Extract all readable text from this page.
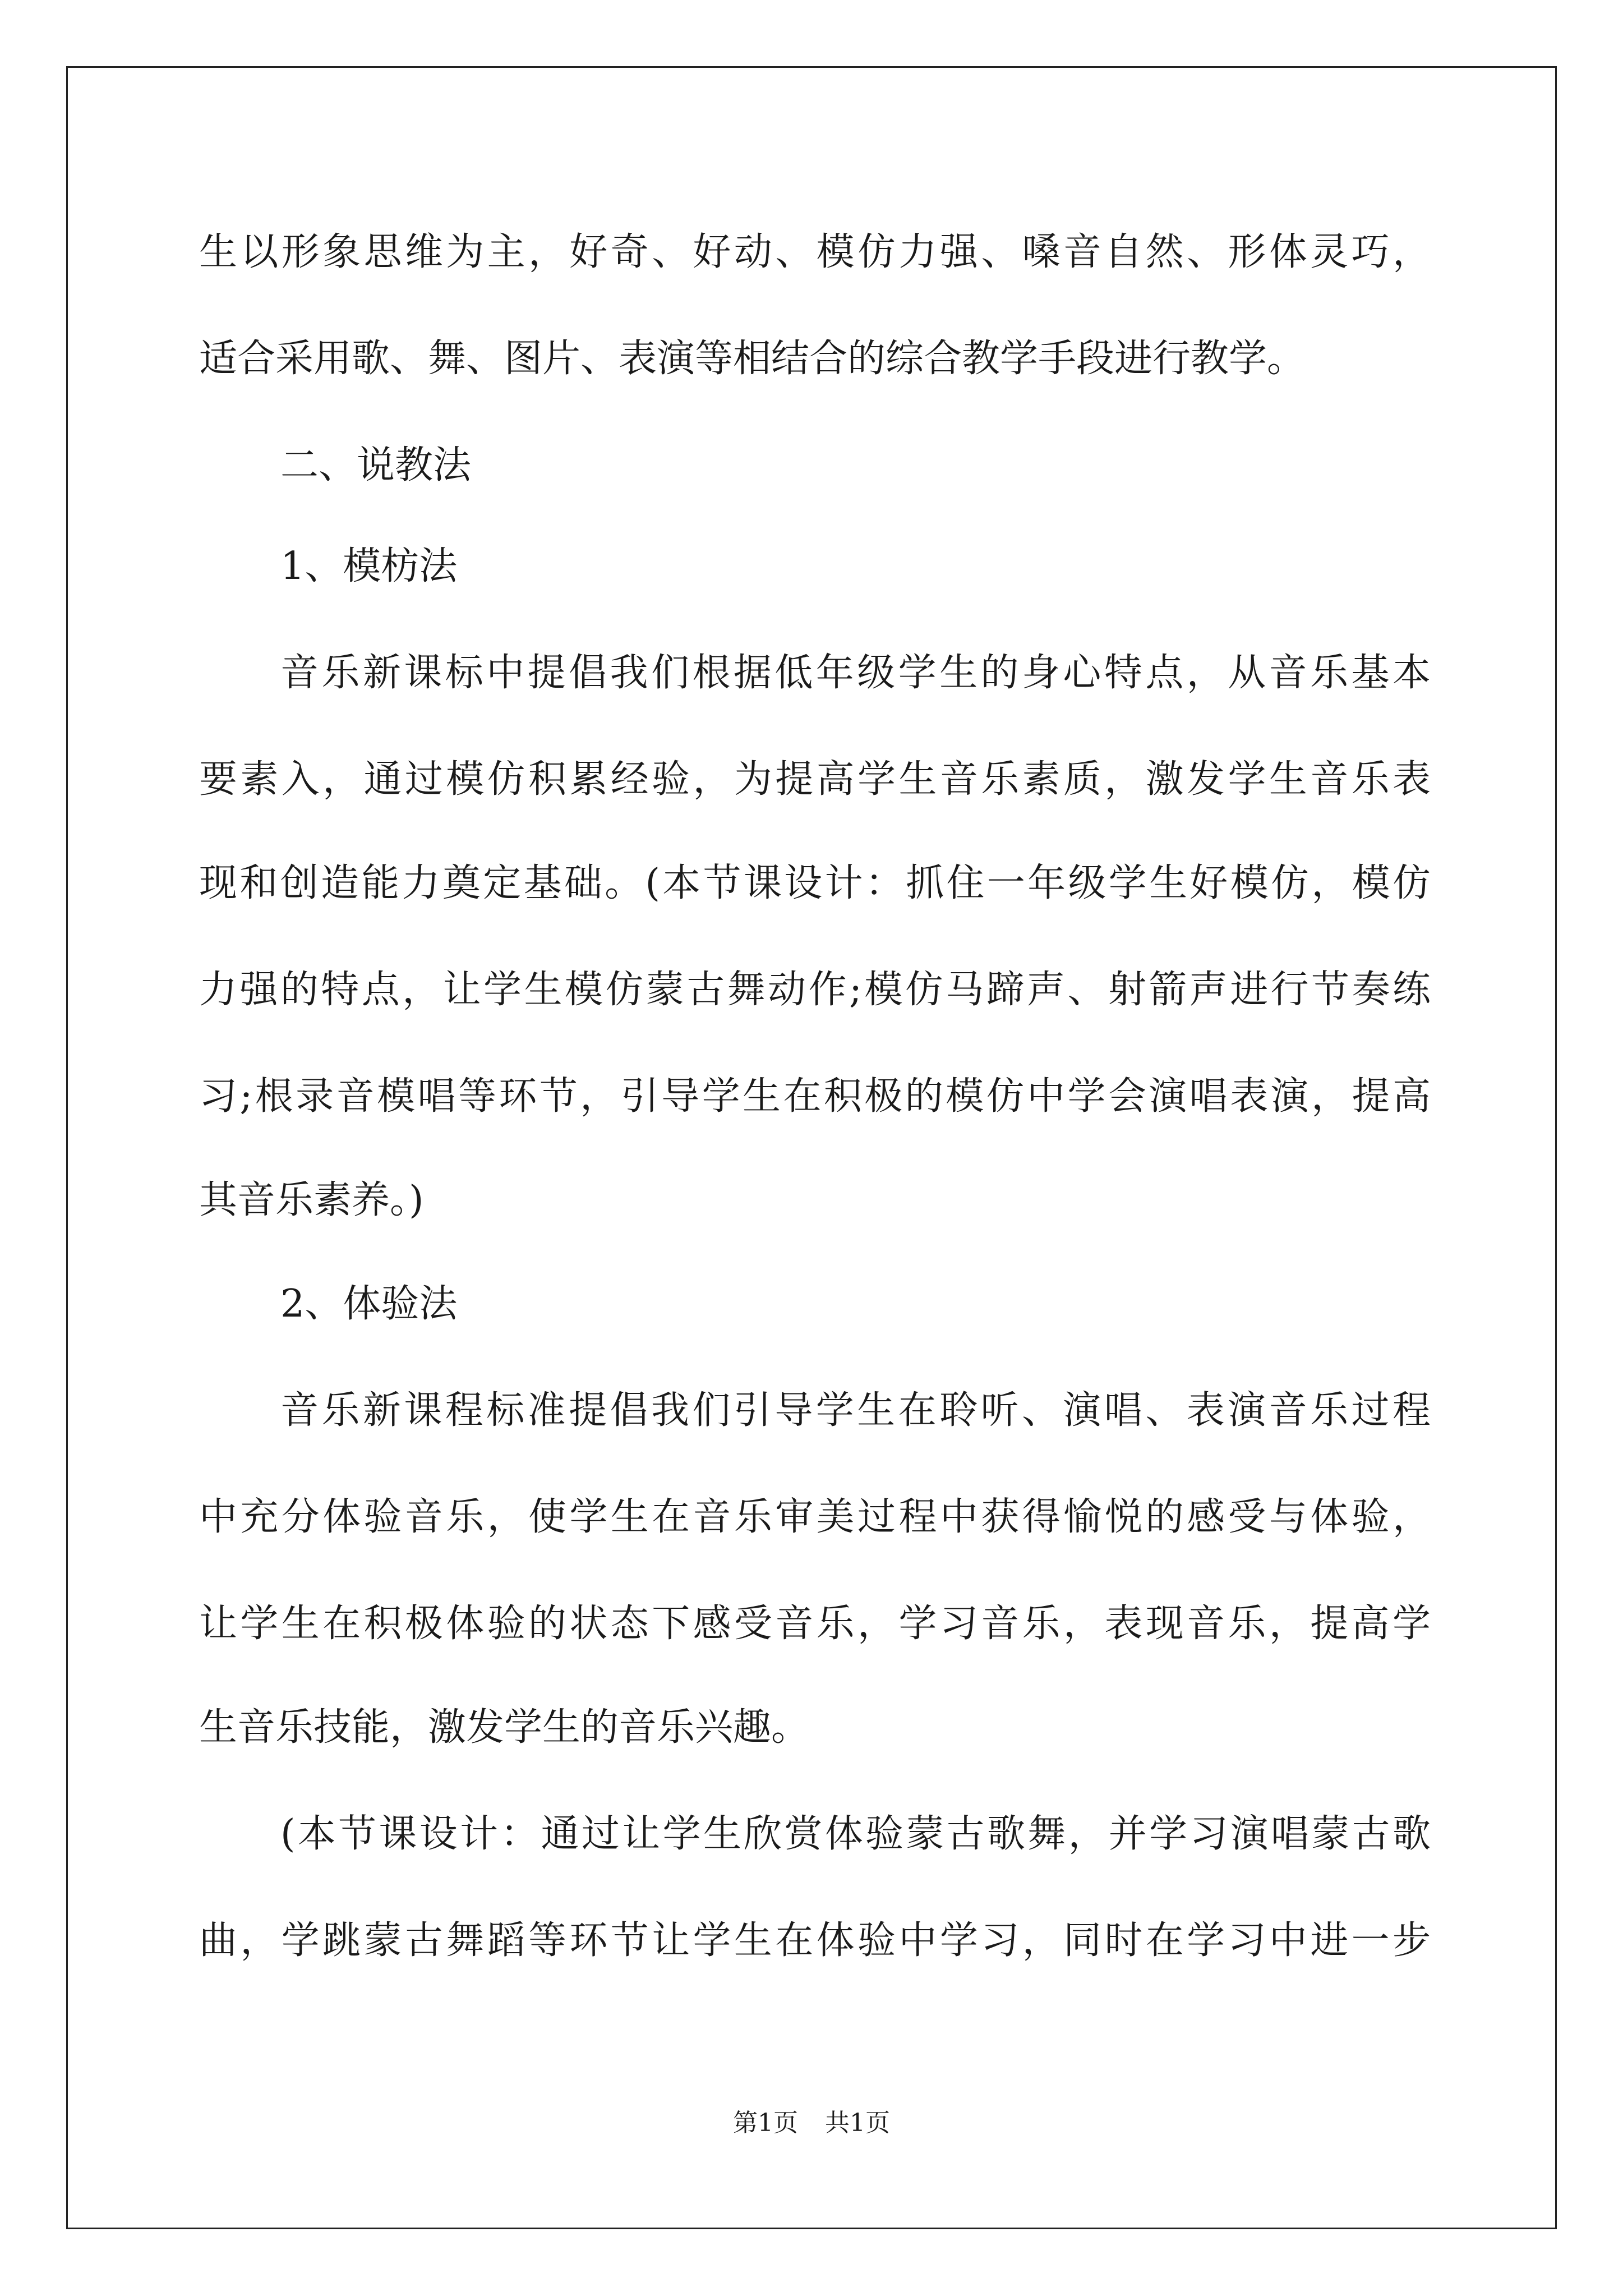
生以形象思维为主，好奇、好动、模仿力强、嗓音自然、形体灵巧，
适合采用歌、舞、图片、表演等相结合的综合教学手段进行教学。
二、说教法
1、模枋法
音乐新课标中提倡我们根据低年级学生的身心特点，从音乐基本
要素入，通过模仿积累经验，为提高学生音乐素质，激发学生音乐表
现和创造能力奠定基础。(本节课设计：抓住一年级学生好模仿，模仿
力强的特点，让学生模仿蒙古舞动作;模仿马蹄声、射箭声进行节奏练
习;根录音模唱等环节，引导学生在积极的模仿中学会演唱表演，提高
其音乐素养。)
2、体验法
音乐新课程标准提倡我们引导学生在聆听、演唱、表演音乐过程
中充分体验音乐，使学生在音乐审美过程中获得愉悦的感受与体验，
让学生在积极体验的状态下感受音乐，学习音乐，表现音乐，提高学
生音乐技能，激发学生的音乐兴趣。
(本节课设计：通过让学生欣赏体验蒙古歌舞，并学习演唱蒙古歌
曲，学跳蒙古舞蹈等环节让学生在体验中学习，同时在学习中进一步
第1页 共1页
